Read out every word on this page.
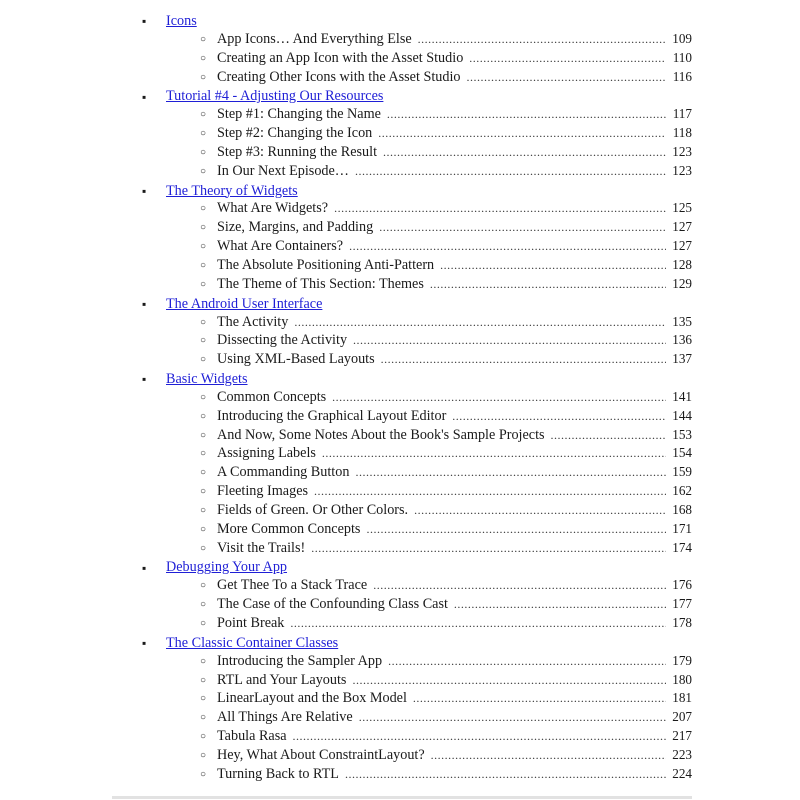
▪	Icons
○ App Icons… And Everything Else .....	109
○ Creating an App Icon with the Asset Studio .....	110
○ Creating Other Icons with the Asset Studio .....	116
▪	Tutorial #4 - Adjusting Our Resources
○ Step #1: Changing the Name .....	117
○ Step #2: Changing the Icon .....	118
○ Step #3: Running the Result .....	123
○ In Our Next Episode… .....	123
▪	The Theory of Widgets
○ What Are Widgets? .....	125
○ Size, Margins, and Padding .....	127
○ What Are Containers? .....	127
○ The Absolute Positioning Anti-Pattern .....	128
○ The Theme of This Section: Themes .....	129
▪	The Android User Interface
○ The Activity .....	135
○ Dissecting the Activity .....	136
○ Using XML-Based Layouts .....	137
▪	Basic Widgets
○ Common Concepts .....	141
○ Introducing the Graphical Layout Editor .....	144
○ And Now, Some Notes About the Book's Sample Projects .....	153
○ Assigning Labels .....	154
○ A Commanding Button .....	159
○ Fleeting Images .....	162
○ Fields of Green. Or Other Colors. .....	168
○ More Common Concepts .....	171
○ Visit the Trails! .....	174
▪	Debugging Your App
○ Get Thee To a Stack Trace .....	176
○ The Case of the Confounding Class Cast .....	177
○ Point Break .....	178
▪	The Classic Container Classes
○ Introducing the Sampler App .....	179
○ RTL and Your Layouts .....	180
○ LinearLayout and the Box Model .....	181
○ All Things Are Relative .....	207
○ Tabula Rasa .....	217
○ Hey, What About ConstraintLayout? .....	223
○ Turning Back to RTL .....	224
